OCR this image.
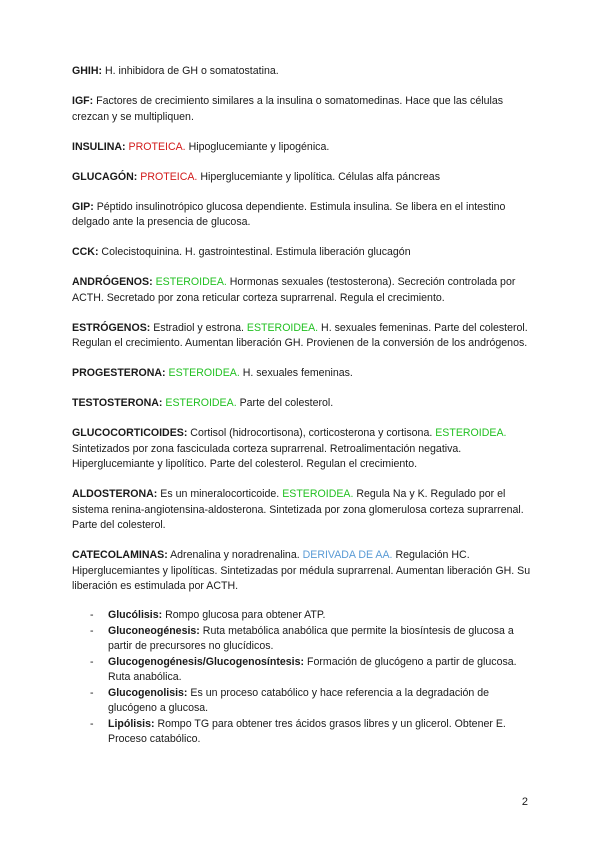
GHIH: H. inhibidora de GH o somatostatina.

IGF: Factores de crecimiento similares a la insulina o somatomedinas. Hace que las células crezcan y se multipliquen.

INSULINA: PROTEICA. Hipoglucemiante y lipogénica.

GLUCAGÓN: PROTEICA. Hiperglucemiante y lipolítica. Células alfa páncreas

GIP: Péptido insulinotrópico glucosa dependiente. Estimula insulina. Se libera en el intestino delgado ante la presencia de glucosa.

CCK: Colecistoquinina. H. gastrointestinal. Estimula liberación glucagón

ANDRÓGENOS: ESTEROIDEA. Hormonas sexuales (testosterona). Secreción controlada por ACTH. Secretado por zona reticular corteza suprarrenal. Regula el crecimiento.

ESTRÓGENOS: Estradiol y estrona. ESTEROIDEA. H. sexuales femeninas. Parte del colesterol. Regulan el crecimiento. Aumentan liberación GH. Provienen de la conversión de los andrógenos.

PROGESTERONA: ESTEROIDEA. H. sexuales femeninas.

TESTOSTERONA: ESTEROIDEA. Parte del colesterol.

GLUCOCORTICOIDES: Cortisol (hidrocortisona), corticosterona y cortisona. ESTEROIDEA. Sintetizados por zona fasciculada corteza suprarrenal. Retroalimentación negativa. Hiperglucemiante y lipolítico. Parte del colesterol. Regulan el crecimiento.

ALDOSTERONA: Es un mineralocorticoide. ESTEROIDEA. Regula Na y K. Regulado por el sistema renina-angiotensina-aldosterona. Sintetizada por zona glomerulosa corteza suprarrenal. Parte del colesterol.

CATECOLAMINAS: Adrenalina y noradrenalina. DERIVADA DE AA. Regulación HC. Hiperglucemiantes y lipolíticas. Sintetizadas por médula suprarrenal. Aumentan liberación GH. Su liberación es estimulada por ACTH.

- Glucólisis: Rompo glucosa para obtener ATP.
- Gluconeogénesis: Ruta metabólica anabólica que permite la biosíntesis de glucosa a partir de precursores no glucídicos.
- Glucogenogénesis/Glucogenosíntesis: Formación de glucógeno a partir de glucosa. Ruta anabólica.
- Glucogenolisis: Es un proceso catabólico y hace referencia a la degradación de glucógeno a glucosa.
- Lipólisis: Rompo TG para obtener tres ácidos grasos libres y un glicerol. Obtener E. Proceso catabólico.
2
